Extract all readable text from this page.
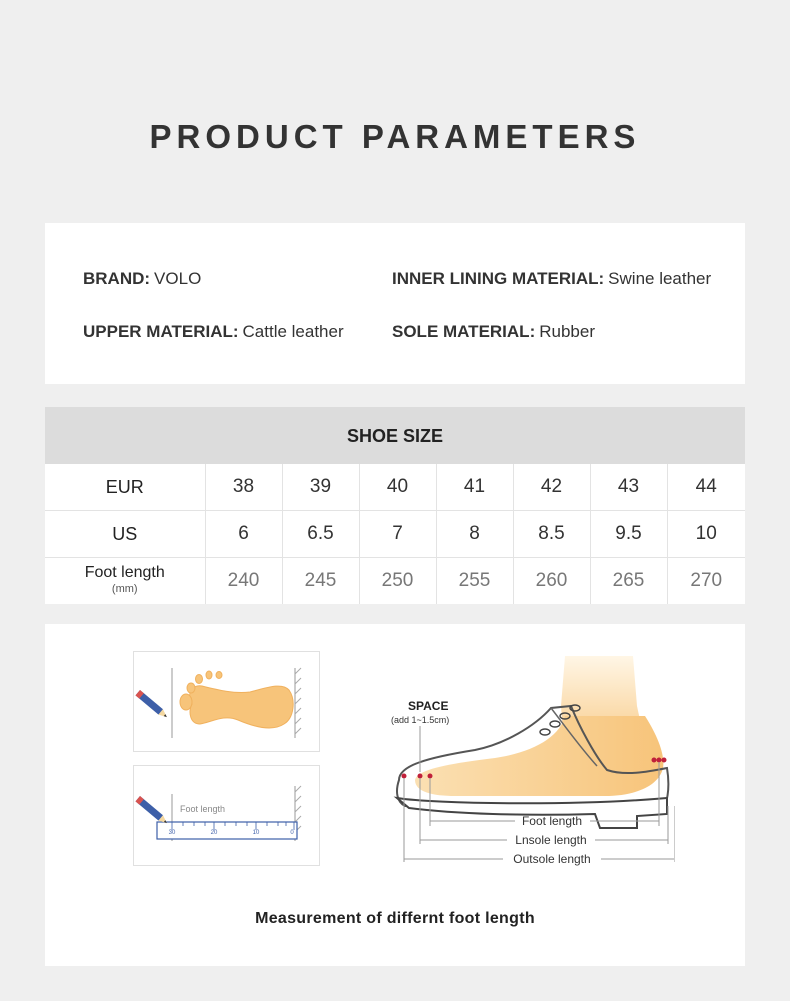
PRODUCT PARAMETERS
BRAND: VOLO	INNER LINING MATERIAL: Swine leather
UPPER MATERIAL: Cattle leather	SOLE MATERIAL: Rubber
SHOE SIZE
EUR	38	39	40	41	42	43	44
US	6	6.5	7	8	8.5	9.5	10
Foot length
(mm)	240	245	250	255	260	265	270
Foot length
30	20	10	0
SPACE
(add 1~1.5cm)
Foot length
Lnsole length
Outsole length
Measurement of differnt foot length
